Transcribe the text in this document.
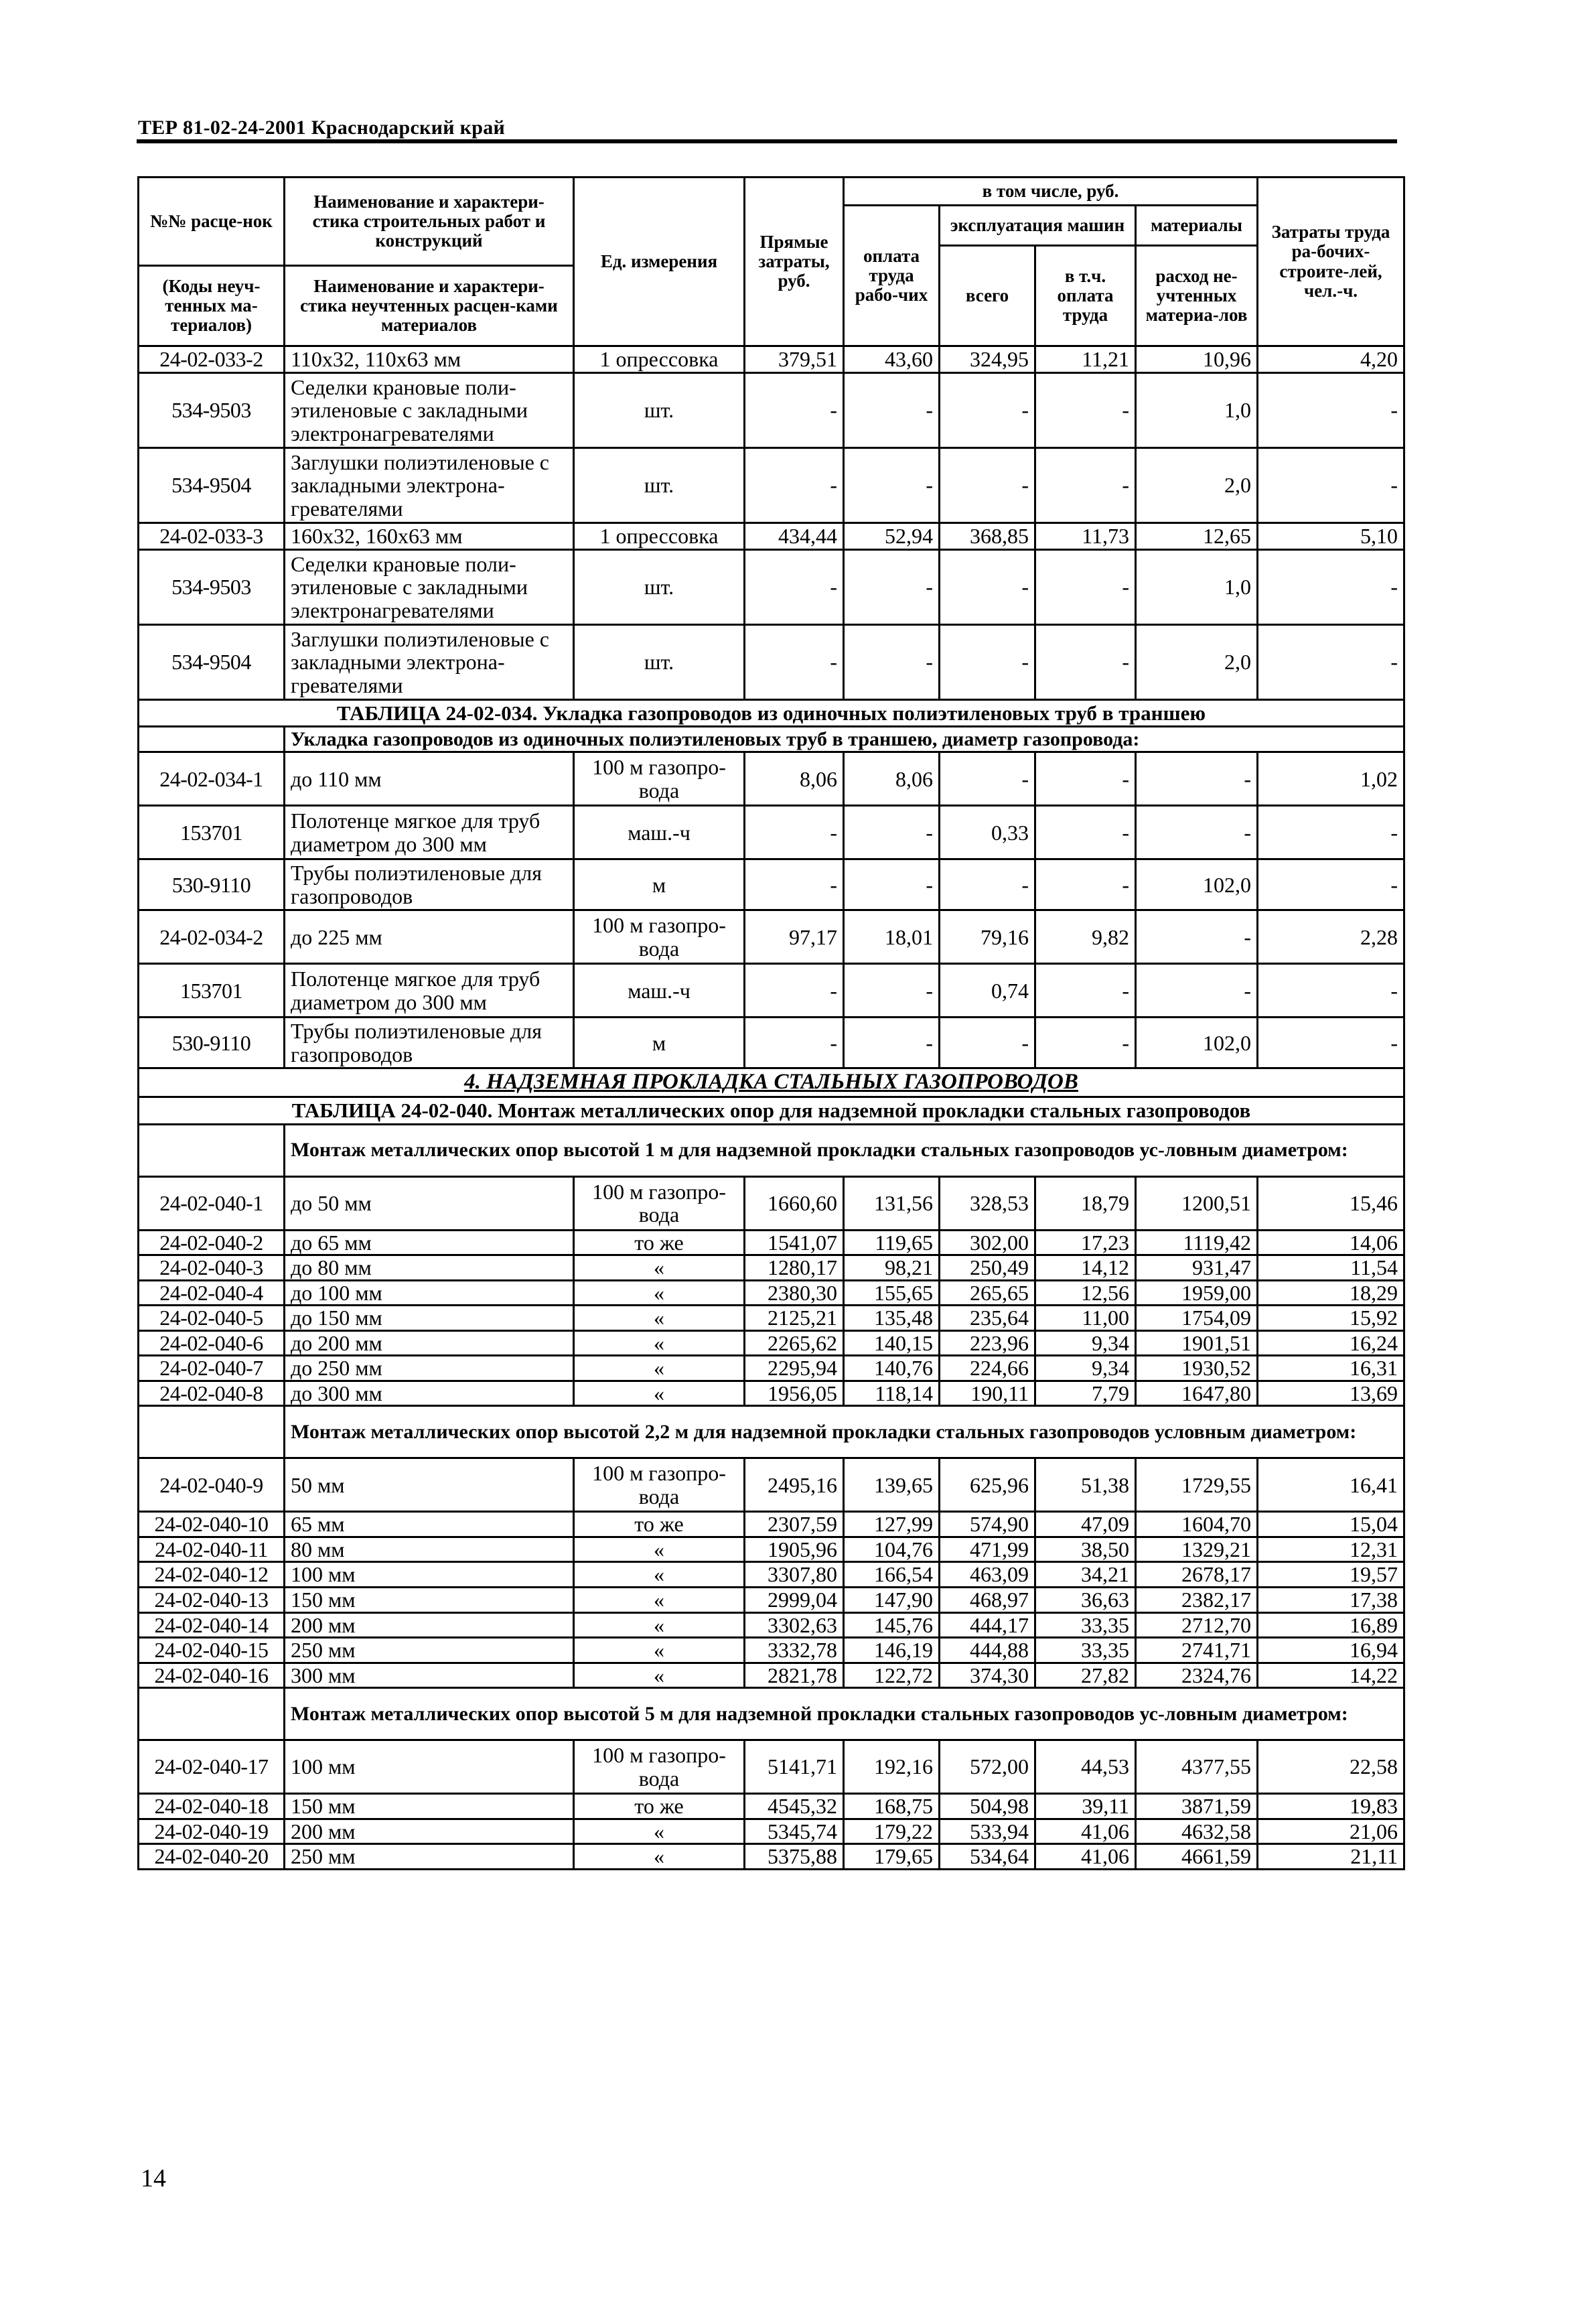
ТЕР 81-02-24-2001 Краснодарский край
№№ расце-нок	Наименование и характери-стика строительных работ и конструкций	Ед. измерения	Прямые затраты, руб.	в том числе, руб.				Затраты труда ра-бочих-строите-лей, чел.-ч.
				оплата труда рабо-чих	эксплуатация машин		материалы	
					всего	в т.ч. оплата труда	расход не-учтенных материа-лов	
(Коды неуч-тенных ма-териалов)	Наименование и характери-стика неучтенных расцен-ками материалов							

24-02-033-2	110х32, 110х63 мм	1 опрессовка	379,51	43,60	324,95	11,21	10,96	4,20
534-9503	Седелки крановые поли-этиленовые с закладными электронагревателями	шт.	-	-	-	-	1,0	-
534-9504	Заглушки полиэтиленовые с закладными электрона-гревателями	шт.	-	-	-	-	2,0	-
24-02-033-3	160х32, 160х63 мм	1 опрессовка	434,44	52,94	368,85	11,73	12,65	5,10
534-9503	Седелки крановые поли-этиленовые с закладными электронагревателями	шт.	-	-	-	-	1,0	-
534-9504	Заглушки полиэтиленовые с закладными электрона-гревателями	шт.	-	-	-	-	2,0	-
ТАБЛИЦА 24-02-034. Укладка газопроводов из одиночных полиэтиленовых труб в траншею								
	Укладка газопроводов из одиночных полиэтиленовых труб в траншею, диаметр газопровода:							
24-02-034-1	до 110 мм	100 м газопро-вода	8,06	8,06	-	-	-	1,02
153701	Полотенце мягкое для труб диаметром до 300 мм	маш.-ч	-	-	0,33	-	-	-
530-9110	Трубы полиэтиленовые для газопроводов	м	-	-	-	-	102,0	-
24-02-034-2	до 225 мм	100 м газопро-вода	97,17	18,01	79,16	9,82	-	2,28
153701	Полотенце мягкое для труб диаметром до 300 мм	маш.-ч	-	-	0,74	-	-	-
530-9110	Трубы полиэтиленовые для газопроводов	м	-	-	-	-	102,0	-
4. НАДЗЕМНАЯ ПРОКЛАДКА СТАЛЬНЫХ ГАЗОПРОВОДОВ								
ТАБЛИЦА 24-02-040. Монтаж металлических опор для надземной прокладки стальных газопроводов								
	Монтаж металлических опор высотой 1 м для надземной прокладки стальных газопроводов ус-ловным диаметром:							
24-02-040-1	до 50 мм	100 м газопро-вода	1660,60	131,56	328,53	18,79	1200,51	15,46
24-02-040-2	до 65 мм	то же	1541,07	119,65	302,00	17,23	1119,42	14,06
24-02-040-3	до 80 мм	«	1280,17	98,21	250,49	14,12	931,47	11,54
24-02-040-4	до 100 мм	«	2380,30	155,65	265,65	12,56	1959,00	18,29
24-02-040-5	до 150 мм	«	2125,21	135,48	235,64	11,00	1754,09	15,92
24-02-040-6	до 200 мм	«	2265,62	140,15	223,96	9,34	1901,51	16,24
24-02-040-7	до 250 мм	«	2295,94	140,76	224,66	9,34	1930,52	16,31
24-02-040-8	до 300 мм	«	1956,05	118,14	190,11	7,79	1647,80	13,69
	Монтаж металлических опор высотой 2,2 м для надземной прокладки стальных газопроводов условным диаметром:							
24-02-040-9	50 мм	100 м газопро-вода	2495,16	139,65	625,96	51,38	1729,55	16,41
24-02-040-10	65 мм	то же	2307,59	127,99	574,90	47,09	1604,70	15,04
24-02-040-11	80 мм	«	1905,96	104,76	471,99	38,50	1329,21	12,31
24-02-040-12	100 мм	«	3307,80	166,54	463,09	34,21	2678,17	19,57
24-02-040-13	150 мм	«	2999,04	147,90	468,97	36,63	2382,17	17,38
24-02-040-14	200 мм	«	3302,63	145,76	444,17	33,35	2712,70	16,89
24-02-040-15	250 мм	«	3332,78	146,19	444,88	33,35	2741,71	16,94
24-02-040-16	300 мм	«	2821,78	122,72	374,30	27,82	2324,76	14,22
	Монтаж металлических опор высотой 5 м для надземной прокладки стальных газопроводов ус-ловным диаметром:							
24-02-040-17	100 мм	100 м газопро-вода	5141,71	192,16	572,00	44,53	4377,55	22,58
24-02-040-18	150 мм	то же	4545,32	168,75	504,98	39,11	3871,59	19,83
24-02-040-19	200 мм	«	5345,74	179,22	533,94	41,06	4632,58	21,06
24-02-040-20	250 мм	«	5375,88	179,65	534,64	41,06	4661,59	21,11
14
